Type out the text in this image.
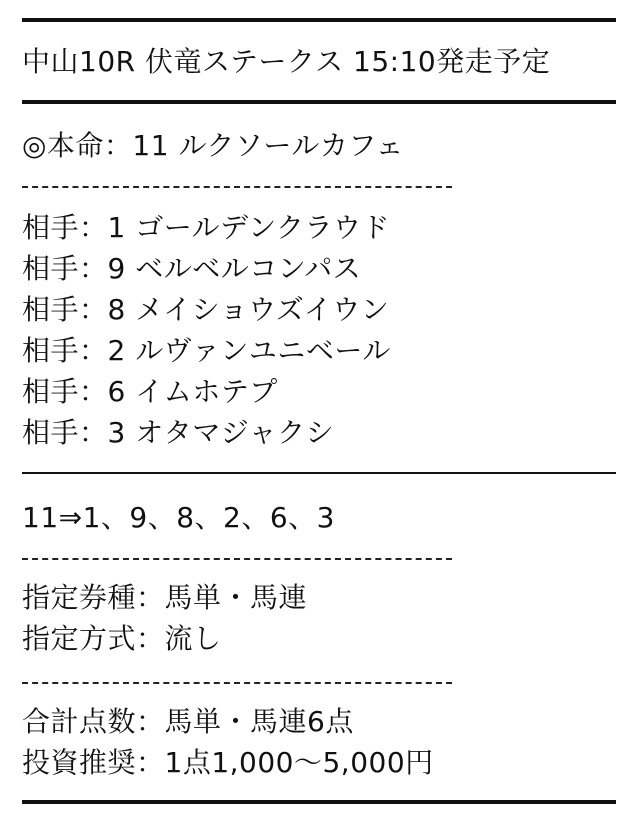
中山10R 伏竜ステークス 15:10発走予定
◎本命：11 ルクソールカフェ
相手：1 ゴールデンクラウド
相手：9 ベルベルコンパス
相手：8 メイショウズイウン
相手：2 ルヴァンユニベール
相手：6 イムホテプ
相手：3 オタマジャクシ
11⇒1、9、8、2、6、3
指定券種：馬単・馬連
指定方式：流し
合計点数：馬単・馬連6点
投資推奨：1点1,000〜5,000円
